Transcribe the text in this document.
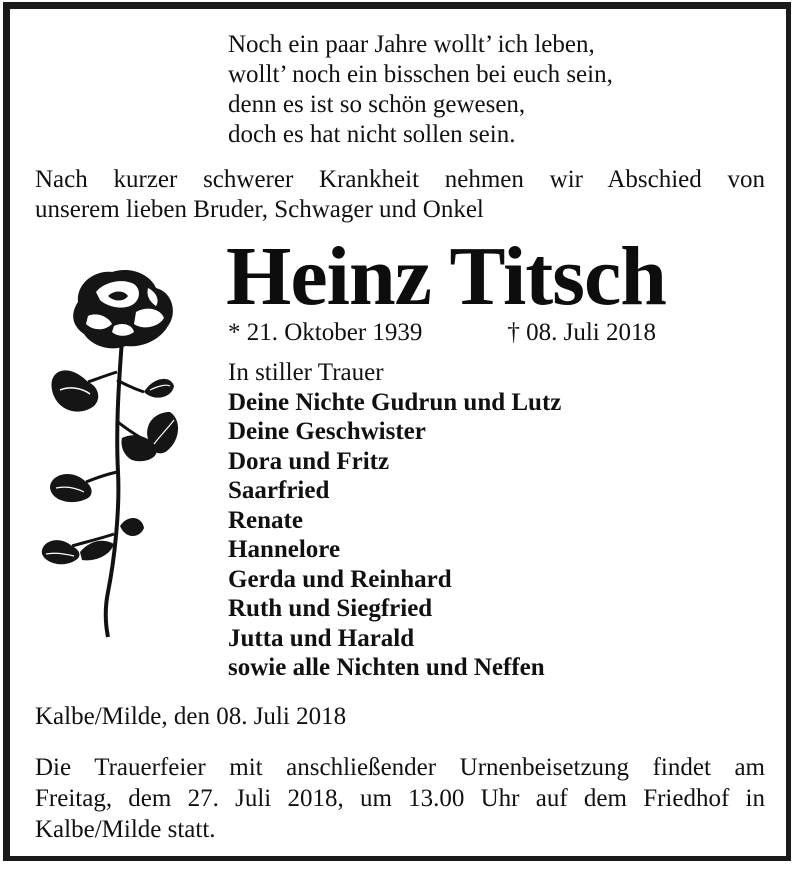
Noch ein paar Jahre wollt’ ich leben,
wollt’ noch ein bisschen bei euch sein,
denn es ist so schön gewesen,
doch es hat nicht sollen sein.
Nach kurzer schwerer Krankheit nehmen wir Abschied von
unserem lieben Bruder, Schwager und Onkel
Heinz Titsch
* 21. Oktober 1939	† 08. Juli 2018
In stiller Trauer
Deine Nichte Gudrun und Lutz
Deine Geschwister
Dora und Fritz
Saarfried
Renate
Hannelore
Gerda und Reinhard
Ruth und Siegfried
Jutta und Harald
sowie alle Nichten und Neffen
Kalbe/Milde, den 08. Juli 2018
Die Trauerfeier mit anschließender Urnenbeisetzung findet am
Freitag, dem 27. Juli 2018, um 13.00 Uhr auf dem Friedhof in
Kalbe/Milde statt.
